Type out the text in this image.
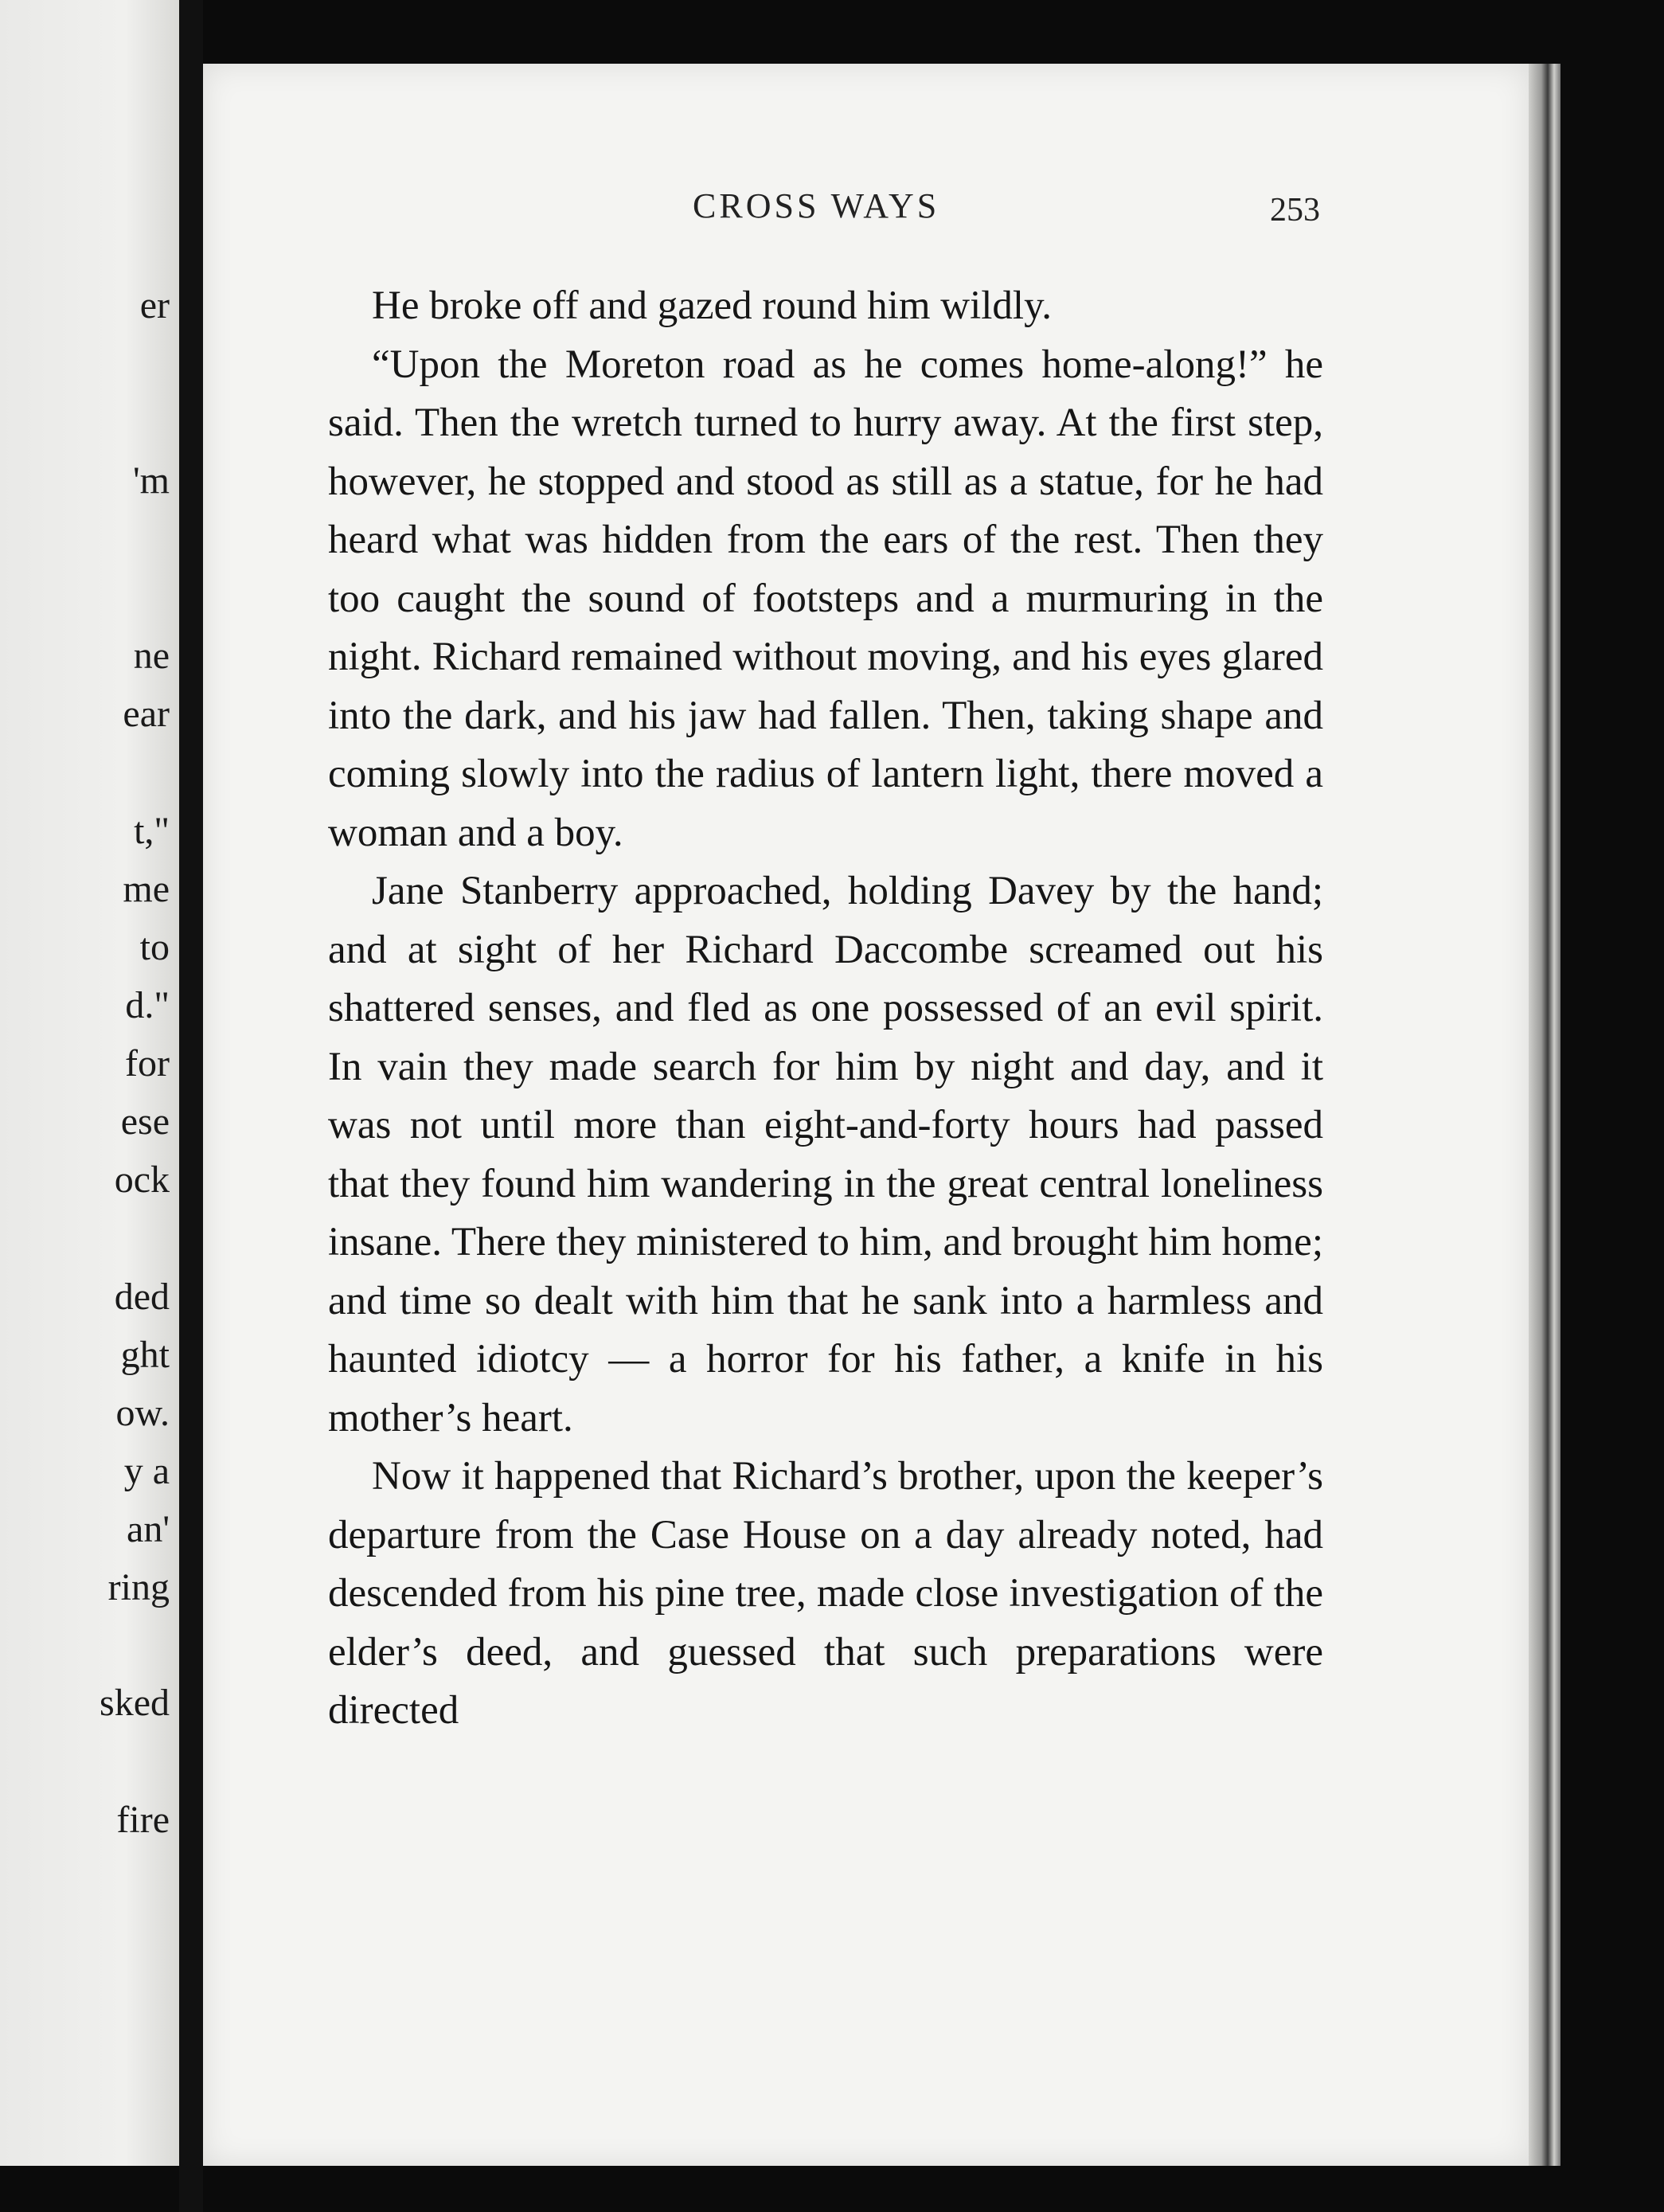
er
'm
ne
ear
t,"
me
to
d."
for
ese
ock
ded
ght
ow.
y a
an'
ring
sked
fire
CROSS WAYS	253

He broke off and gazed round him wildly.

“Upon the Moreton road as he comes home-along!” he said. Then the wretch turned to hurry away. At the first step, however, he stopped and stood as still as a statue, for he had heard what was hidden from the ears of the rest. Then they too caught the sound of footsteps and a murmuring in the night. Richard remained without moving, and his eyes glared into the dark, and his jaw had fallen. Then, taking shape and coming slowly into the radius of lantern light, there moved a woman and a boy.

Jane Stanberry approached, holding Davey by the hand; and at sight of her Richard Daccombe screamed out his shattered senses, and fled as one possessed of an evil spirit. In vain they made search for him by night and day, and it was not until more than eight-and-forty hours had passed that they found him wandering in the great central loneliness insane. There they ministered to him, and brought him home; and time so dealt with him that he sank into a harmless and haunted idiotcy — a horror for his father, a knife in his mother’s heart.

Now it happened that Richard’s brother, upon the keeper’s departure from the Case House on a day already noted, had descended from his pine tree, made close investigation of the elder’s deed, and guessed that such preparations were directed
